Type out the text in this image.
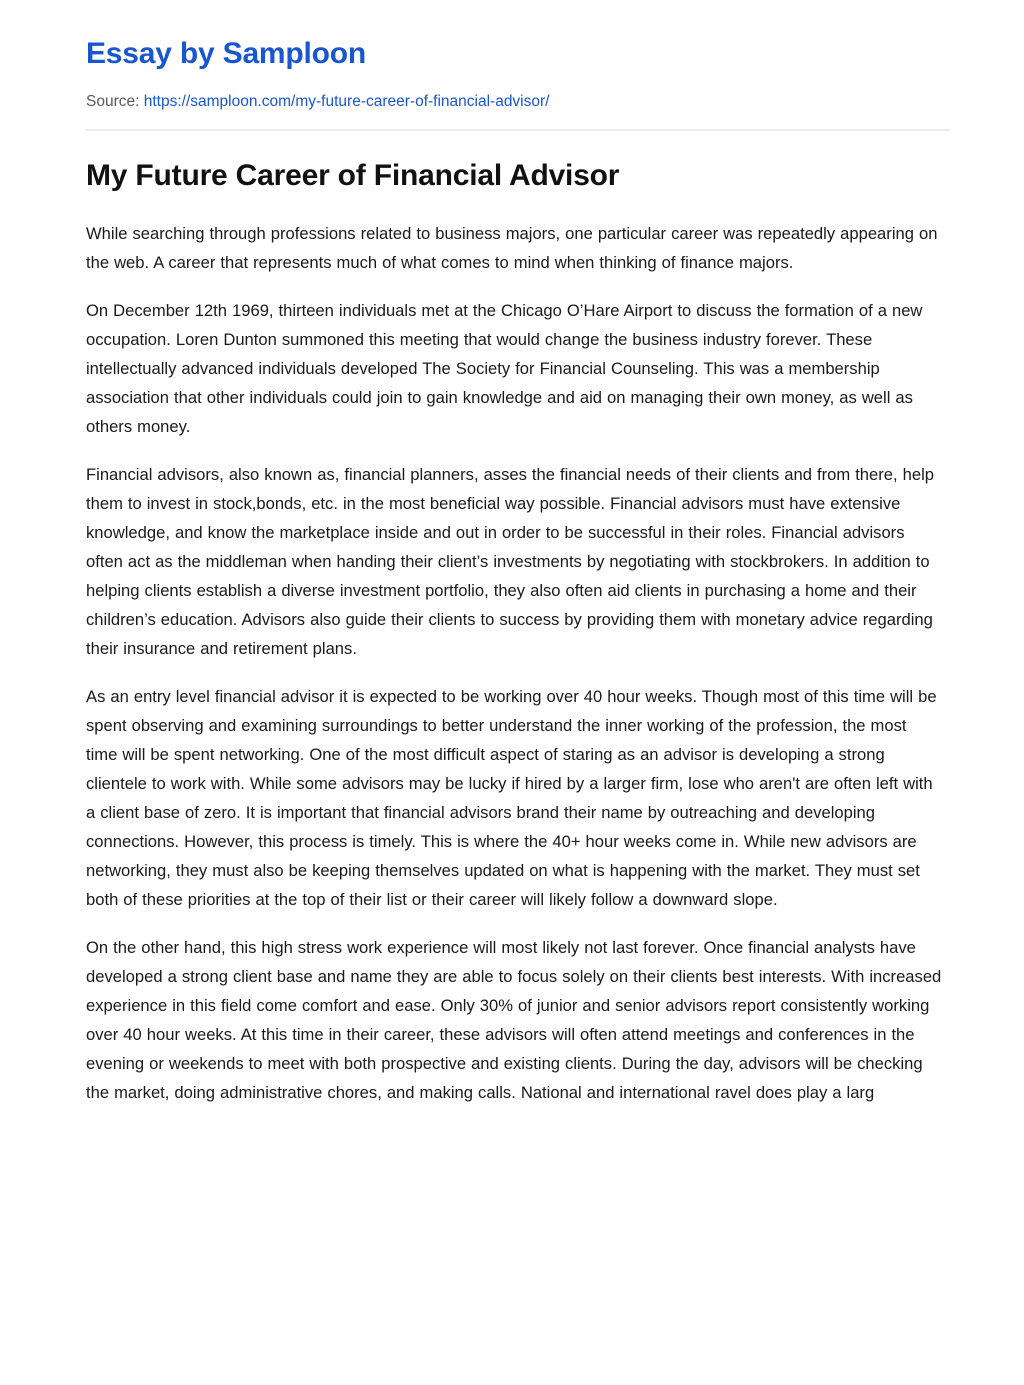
Essay by Samploon

Source: https://samploon.com/my-future-career-of-financial-advisor/

My Future Career of Financial Advisor

While searching through professions related to business majors, one particular career was repeatedly appearing on the web. A career that represents much of what comes to mind when thinking of finance majors.

On December 12th 1969, thirteen individuals met at the Chicago O’Hare Airport to discuss the formation of a new occupation. Loren Dunton summoned this meeting that would change the business industry forever. These intellectually advanced individuals developed The Society for Financial Counseling. This was a membership association that other individuals could join to gain knowledge and aid on managing their own money, as well as others money.

Financial advisors, also known as, financial planners, asses the financial needs of their clients and from there, help them to invest in stock,bonds, etc. in the most beneficial way possible. Financial advisors must have extensive knowledge, and know the marketplace inside and out in order to be successful in their roles. Financial advisors often act as the middleman when handing their client’s investments by negotiating with stockbrokers. In addition to helping clients establish a diverse investment portfolio, they also often aid clients in purchasing a home and their children’s education. Advisors also guide their clients to success by providing them with monetary advice regarding their insurance and retirement plans.

As an entry level financial advisor it is expected to be working over 40 hour weeks. Though most of this time will be spent observing and examining surroundings to better understand the inner working of the profession, the most time will be spent networking. One of the most difficult aspect of staring as an advisor is developing a strong clientele to work with. While some advisors may be lucky if hired by a larger firm, lose who aren't are often left with a client base of zero. It is important that financial advisors brand their name by outreaching and developing connections. However, this process is timely. This is where the 40+ hour weeks come in. While new advisors are networking, they must also be keeping themselves updated on what is happening with the market. They must set both of these priorities at the top of their list or their career will likely follow a downward slope.

On the other hand, this high stress work experience will most likely not last forever. Once financial analysts have developed a strong client base and name they are able to focus solely on their clients best interests. With increased experience in this field come comfort and ease. Only 30% of junior and senior advisors report consistently working over 40 hour weeks. At this time in their career, these advisors will often attend meetings and conferences in the evening or weekends to meet with both prospective and existing clients. During the day, advisors will be checking the market, doing administrative chores, and making calls. National and international ravel does play a larg
